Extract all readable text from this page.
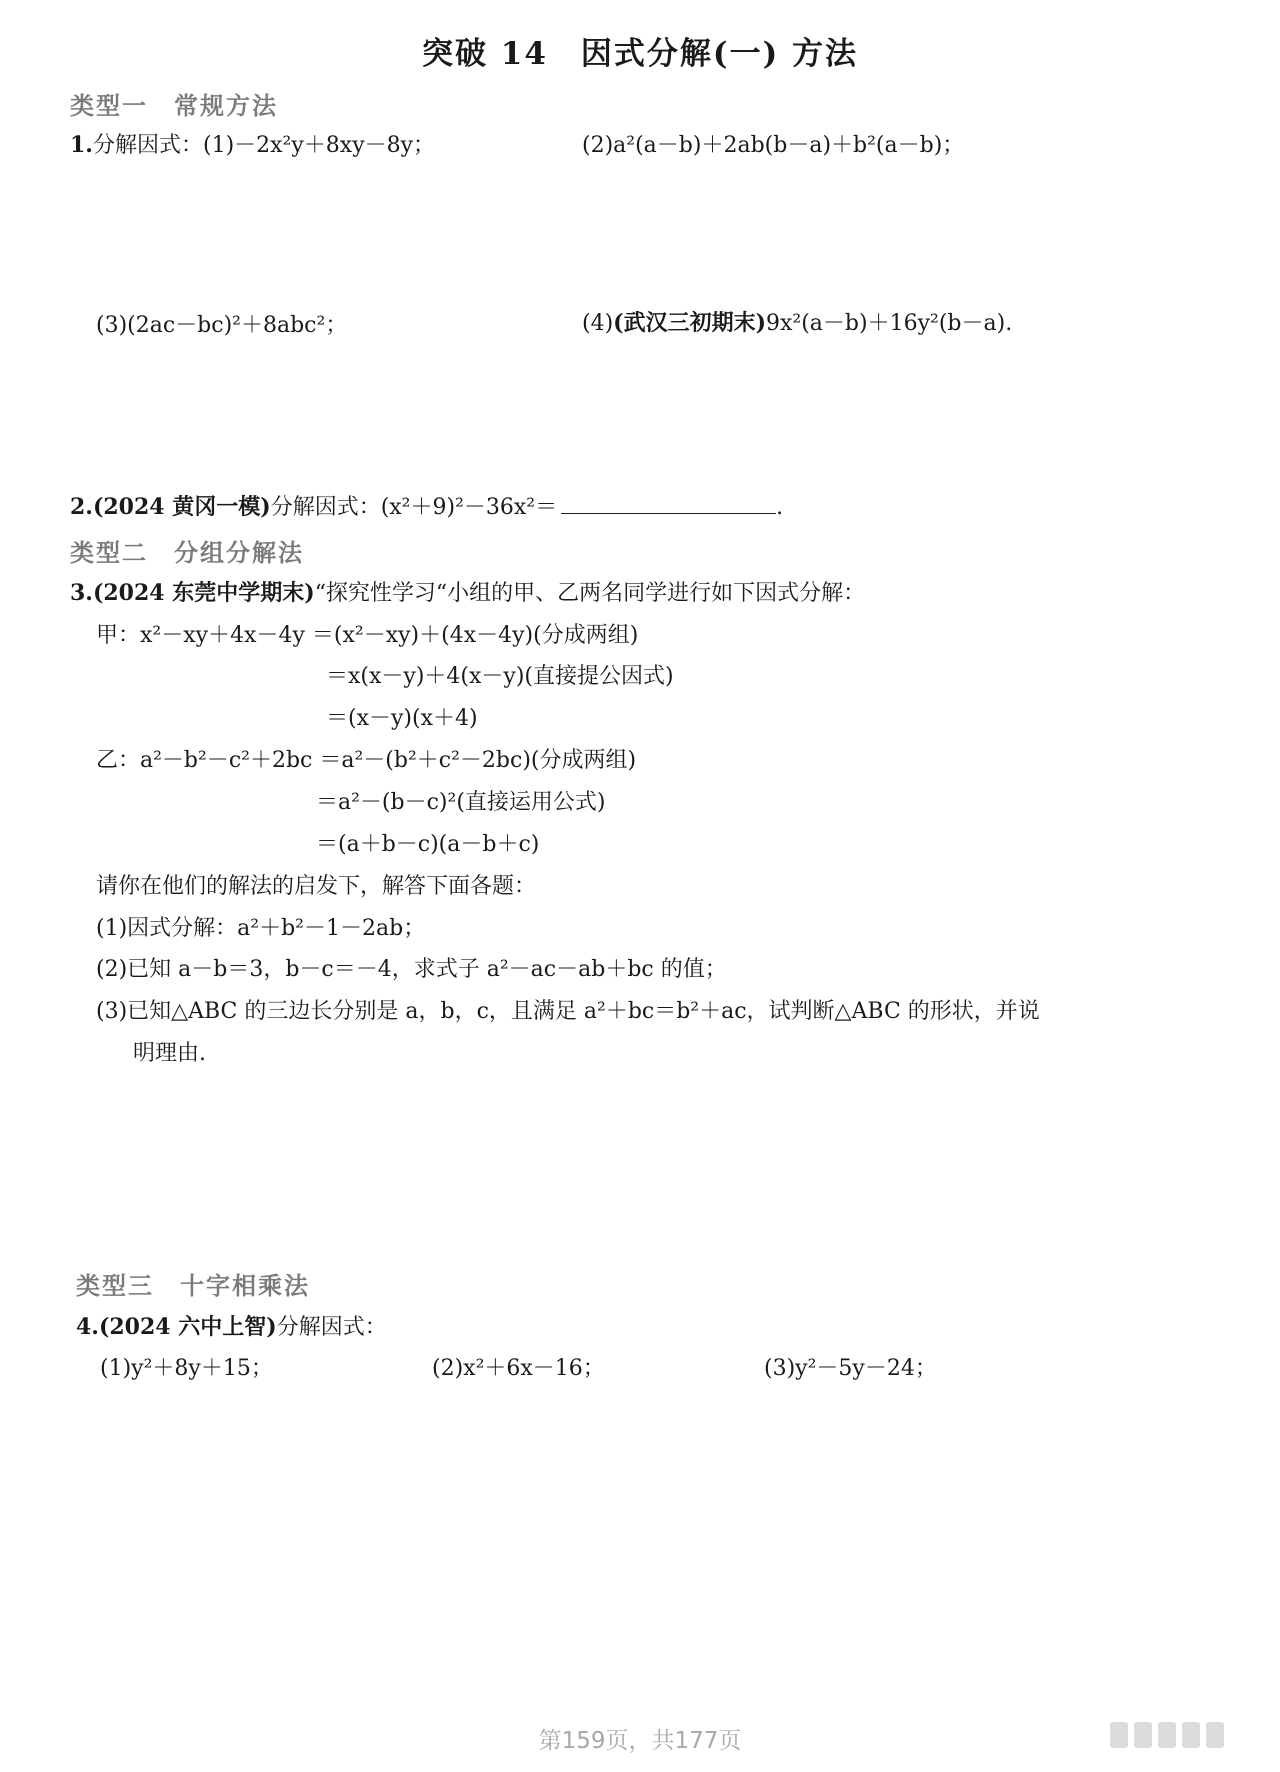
突破 14　因式分解(一) 方法
类型一　常规方法
1.分解因式：(1)－2x²y＋8xy－8y；	(2)a²(a－b)＋2ab(b－a)＋b²(a－b)；
(3)(2ac－bc)²＋8abc²；	(4)(武汉三初期末)9x²(a－b)＋16y²(b－a).
2.(2024 黄冈一模)分解因式：(x²＋9)²－36x²＝	.
类型二　分组分解法
3.(2024 东莞中学期末)“探究性学习“小组的甲、乙两名同学进行如下因式分解：
甲：x²－xy＋4x－4y ＝(x²－xy)＋(4x－4y)(分成两组)
＝x(x－y)＋4(x－y)(直接提公因式)
＝(x－y)(x＋4)
乙：a²－b²－c²＋2bc ＝a²－(b²＋c²－2bc)(分成两组)
＝a²－(b－c)²(直接运用公式)
＝(a＋b－c)(a－b＋c)
请你在他们的解法的启发下，解答下面各题：
(1)因式分解：a²＋b²－1－2ab；
(2)已知 a－b＝3，b－c＝－4，求式子 a²－ac－ab＋bc 的值；
(3)已知△ABC 的三边长分别是 a，b，c，且满足 a²＋bc＝b²＋ac，试判断△ABC 的形状，并说
明理由.
类型三　十字相乘法
4.(2024 六中上智)分解因式：
(1)y²＋8y＋15；	(2)x²＋6x－16；	(3)y²－5y－24；
第159页，共177页
